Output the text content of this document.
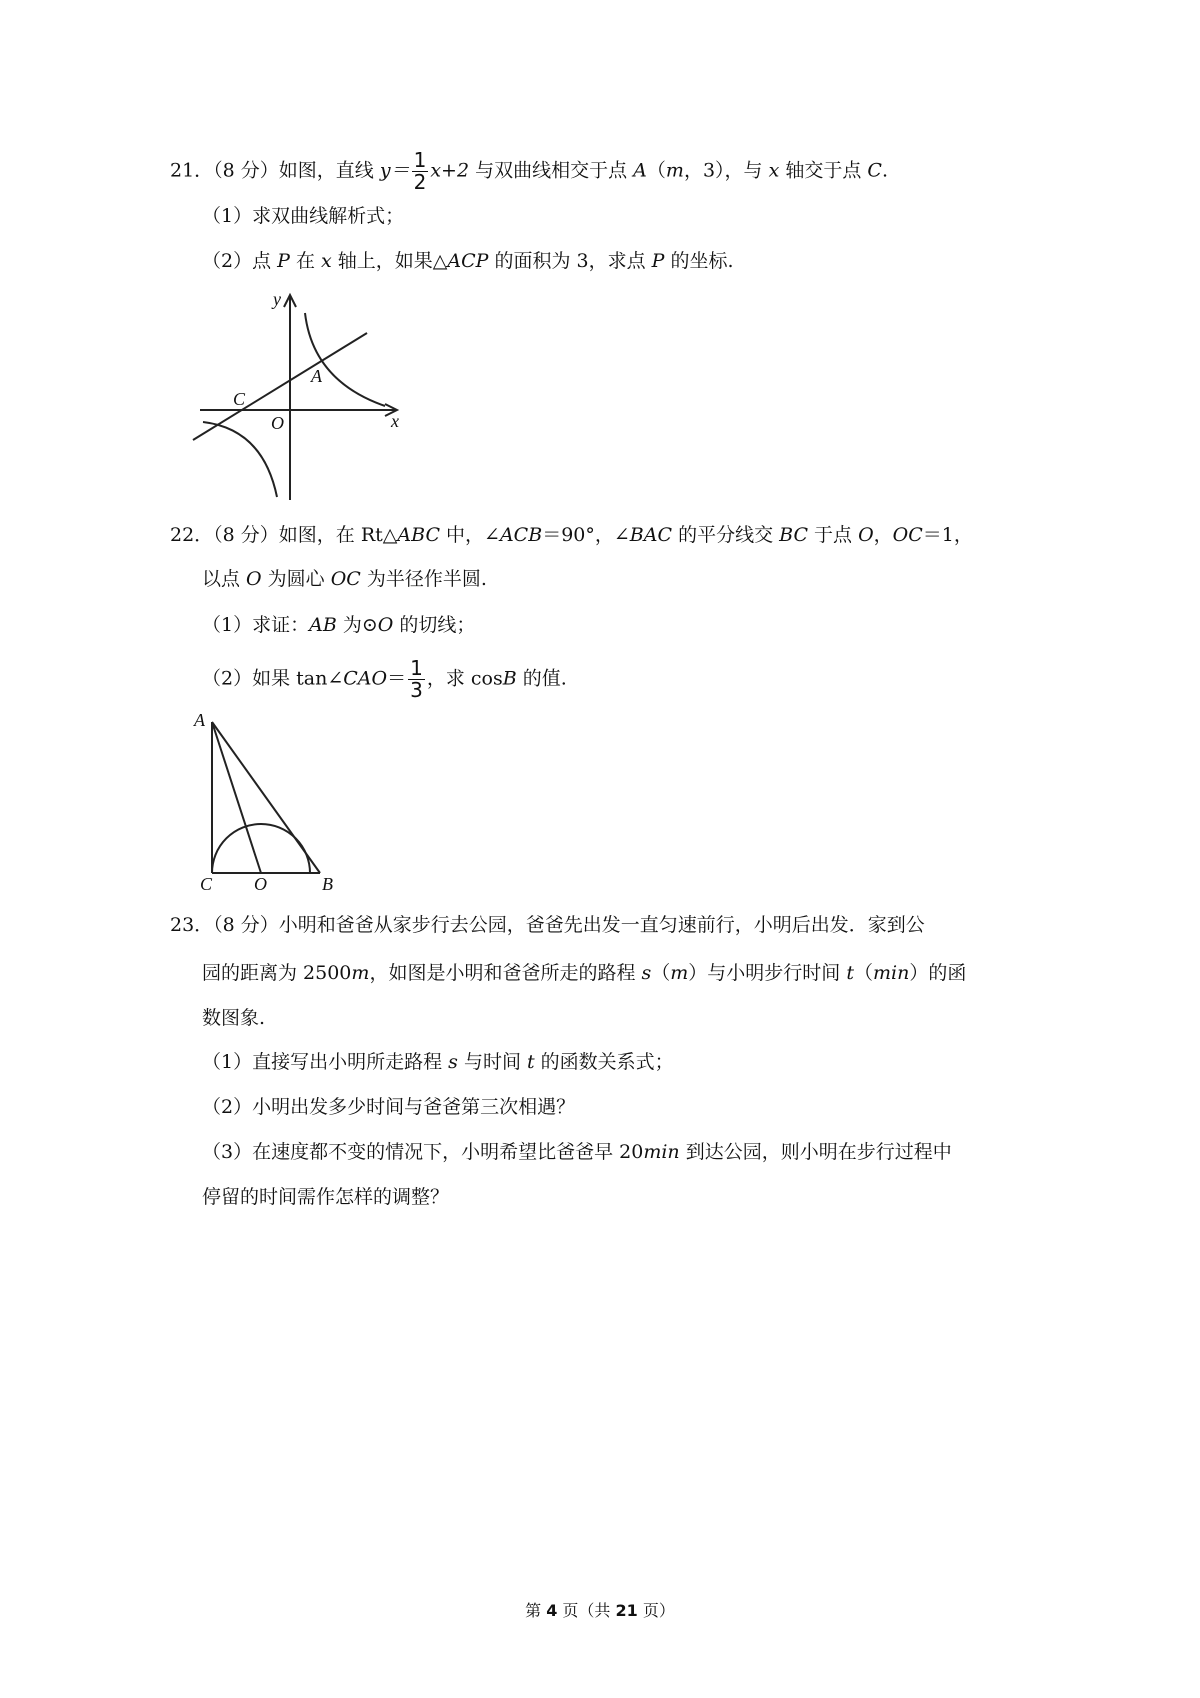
21．（8 分）如图，直线 $y= \frac{1}{2} x+2$ 与双曲线相交于点 A（m，3），与 x 轴交于点 C.
（1）求双曲线解析式；
（2）点 P 在 x 轴上，如果△ACP 的面积为 3，求点 P 的坐标.
y
x
O
A
C
22．（8 分）如图，在 Rt△ABC 中，∠ACB＝90°，∠BAC 的平分线交 BC 于点 O，OC＝1，
以点 O 为圆心 OC 为半径作半圆.
（1）求证：AB 为⊙O 的切线；
（2）如果 tan∠CAO＝ $\frac{1}{3}$ ，求 cosB 的值.
A
C O	B
23．（8 分）小明和爸爸从家步行去公园，爸爸先出发一直匀速前行，小明后出发．家到公
园的距离为 2500m，如图是小明和爸爸所走的路程 s（m）与小明步行时间 t（min）的函
数图象.
（1）直接写出小明所走路程 s 与时间 t 的函数关系式；
（2）小明出发多少时间与爸爸第三次相遇？
（3）在速度都不变的情况下，小明希望比爸爸早 20min 到达公园，则小明在步行过程中
停留的时间需作怎样的调整？
第 4 页（共 21 页）
